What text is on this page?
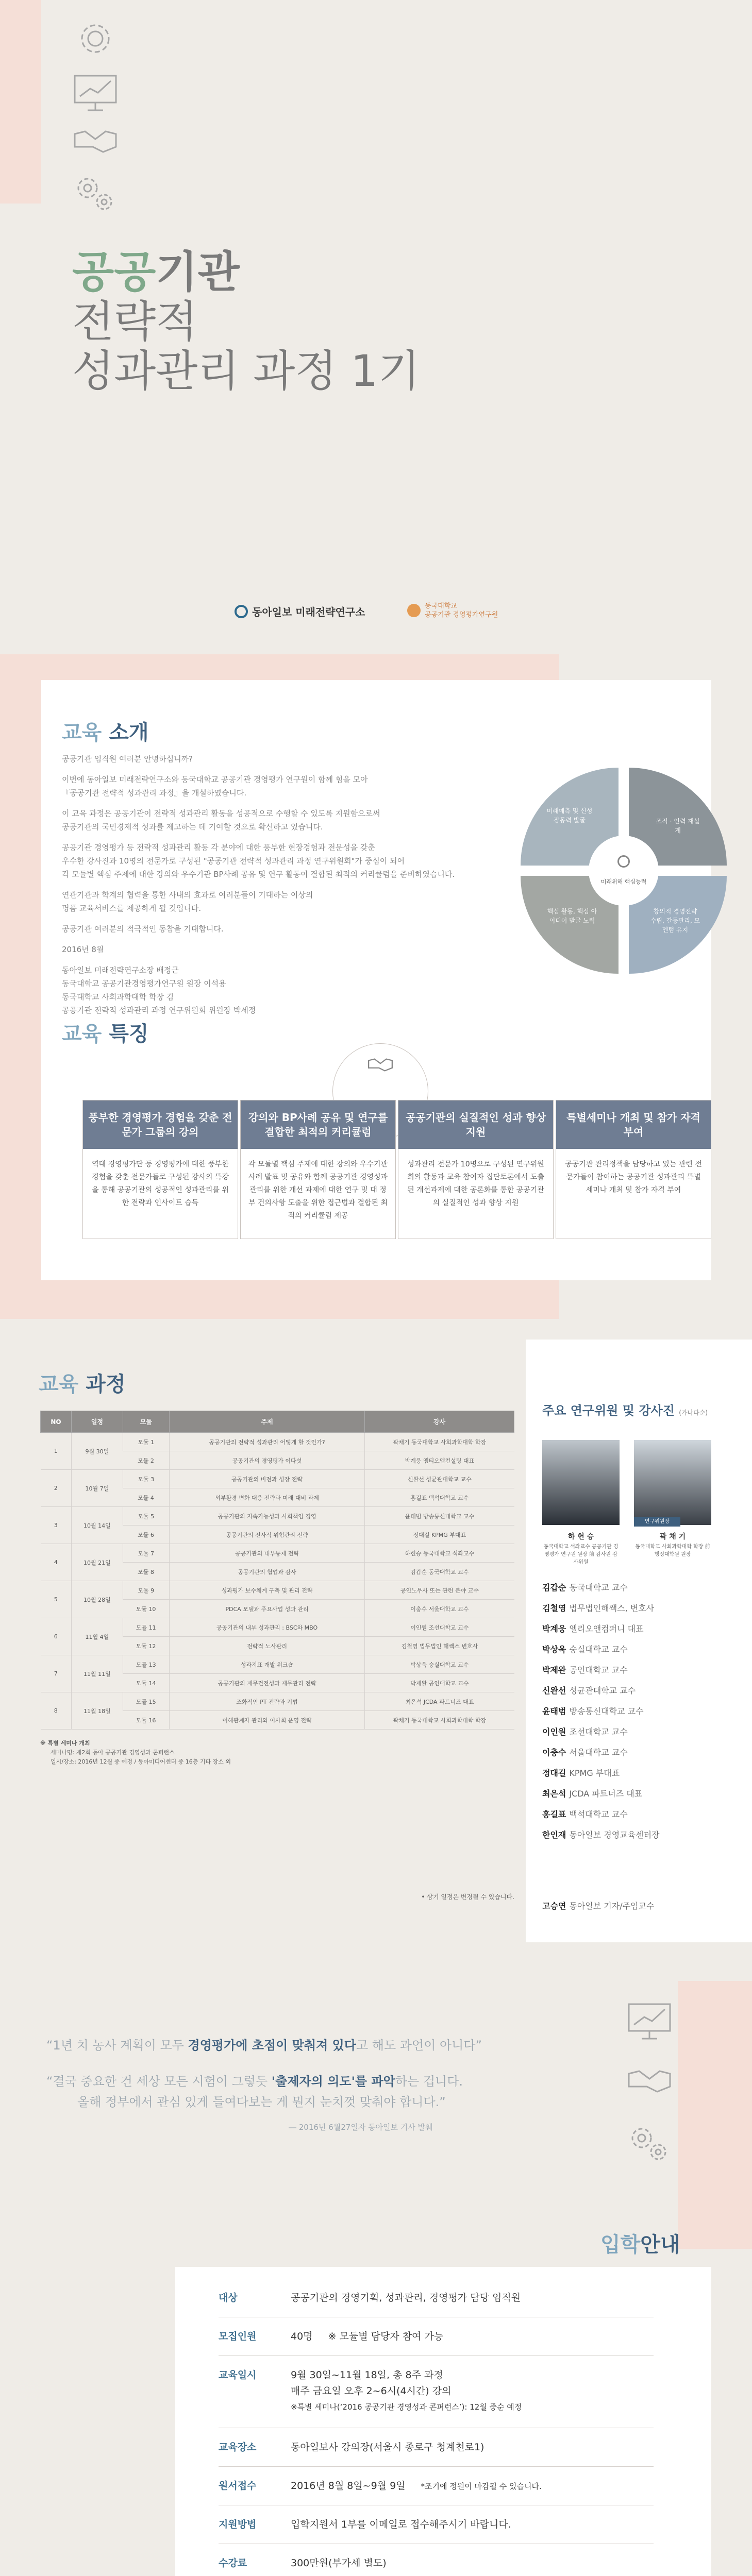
공공기관
전략적
성과관리 과정 1기
동아일보 미래전략연구소	동국대학교
공공기관 경영평가연구원
교육 소개
공공기관 임직원 여러분 안녕하십니까?
이번에 동아일보 미래전략연구소와 동국대학교 공공기관 경영평가 연구원이 함께 힘을 모아
『공공기관 전략적 성과관리 과정』을 개설하였습니다.
이 교육 과정은 공공기관이 전략적 성과관리 활동을 성공적으로 수행할 수 있도록 지원함으로써
공공기관의 국민경제적 성과를 제고하는 데 기여할 것으로 확신하고 있습니다.
공공기관 경영평가 등 전략적 성과관리 활동 각 분야에 대한 풍부한 현장경험과 전문성을 갖춘
우수한 강사진과 10명의 전문가로 구성된 "공공기관 전략적 성과관리 과정 연구위원회"가 중심이 되어
각 모듈별 핵심 주제에 대한 강의와 우수기관 BP사례 공유 및 연구 활동이 결합된 최적의 커리큘럼을 준비하였습니다.
연관기관과 학계의 협력을 통한 사내의 효과로 여러분들이 기대하는 이상의
명품 교육서비스를 제공하게 될 것입니다.
공공기관 여러분의 적극적인 동참을 기대합니다.
2016년 8월
동아일보 미래전략연구소장 배정근
동국대학교 공공기관경영평가연구원 원장 이석용
동국대학교 사회과학대학 학장 김
공공기관 전략적 성과관리 과정 연구위원회 위원장 박세정
미래예측 및 신성장동력 발굴	조직 · 인력 재설계
창의적 경영전략 수립, 갈등관리, 모멘텀 유지
핵심 활동, 핵심 아이디어 발굴 노력
미래위해 핵심능력
교육 특징
풍부한 경영평가 경험을 갖춘 전문가 그룹의 강의
역대 경영평가단 등 경영평가에 대한 풍부한 경험을 갖춘 전문가들로 구성된 강사의 특강을 통해 공공기관의 성공적인 성과관리를 위한 전략과 인사이트 습득
강의와 BP사례 공유 및 연구를 결합한 최적의 커리큘럼
각 모듈별 핵심 주제에 대한 강의와 우수기관 사례 발표 및 공유와 함께 공공기관 경영성과 관리를 위한 개선 과제에 대한 연구 및 대 정부 건의사항 도출을 위한 접근법과 결합된 최적의 커리큘럼 제공
공공기관의 실질적인 성과 향상 지원
성과관리 전문가 10명으로 구성된 연구위원회의 활동과 교육 참여자 집단토론에서 도출된 개선과제에 대한 공론화를 통한 공공기관의 실질적인 성과 향상 지원
특별세미나 개최 및 참가 자격 부여
공공기관 관리정책을 담당하고 있는 관련 전문가들이 참여하는 공공기관 성과관리 특별세미나 개최 및 참가 자격 부여
교육 과정
NO	일정	모듈	주제	강사
1	9월 30일	모듈 1	공공기관의 전략적 성과관리 어떻게 할 것인가?	곽채기 동국대학교 사회과학대학 학장
		모듈 2	공공기관의 경영평가 이다섯	박계웅 엠티오엠컨설팅 대표
2	10월 7일	모듈 3	공공기관의 비전과 성장 전략	신완선 성균관대학교 교수
		모듈 4	외부환경 변화 대응 전략과 미래 대비 과제	홍길표 백석대학교 교수
3	10월 14일	모듈 5	공공기관의 지속가능성과 사회책임 경영	윤태범 방송통신대학교 교수
		모듈 6	공공기관의 전사적 위험관리 전략	정대길 KPMG 부대표
4	10월 21일	모듈 7	공공기관의 내부통제 전략	하헌승 동국대학교 석좌교수
		모듈 8	공공기관의 협업과 감사	김갑순 동국대학교 교수
5	10월 28일	모듈 9	성과평가 보수체계 구축 및 관리 전략	공인노무사 또는 관련 분야 교수
		모듈 10	PDCA 모델과 주요사업 성과 관리	이충수 서울대학교 교수
6	11월 4일	모듈 11	공공기관의 내부 성과관리 : BSC와 MBO	이인원 조선대학교 교수
		모듈 12	전략적 노사관리	김철영 법무법인 해쌕스 변호사
7	11월 11일	모듈 13	성과지표 개발 워크숍	박상욱 숭실대학교 교수
		모듈 14	공공기관의 재무건전성과 재무관리 전략	박제완 공인대학교 교수
8	11월 18일	모듈 15	조화적인 PT 전략과 기법	최은석 JCDA 파트너즈 대표
		모듈 16	이해관계자 관리와 이사회 운영 전략	곽채기 동국대학교 사회과학대학 학장
※ 특별 세미나 개최
세미나명: 제2회 동아 공공기관 경영성과 콘퍼런스
일시/장소: 2016년 12월 중 예정 / 동아미디어센터 중 16층 기타 장소 외
• 상기 일정은 변경될 수 있습니다.
주요 연구위원 및 강사진 (가나다순)
하 헌 승
동국대학교 석좌교수 공공기관 경영평가 연구원 원장 前 감사원 감사위원
연구위원장
곽 채 기
동국대학교 사회과학대학 학장 前 행정대학원 원장
김갑순 동국대학교 교수
김철영 법무법인해쌕스, 변호사
박계웅 엘리오앤컴퍼니 대표
박상욱 숭실대학교 교수
박제완 공인대학교 교수
신완선 성균관대학교 교수
윤태범 방송통신대학교 교수
이인원 조선대학교 교수
이충수 서울대학교 교수
정대길 KPMG 부대표
최은석 JCDA 파트너즈 대표
홍길표 백석대학교 교수
한인재 동아일보 경영교육센터장
고승연 동아일보 기자/주임교수
“1년 치 농사 계획이 모두 경영평가에 초점이 맞춰져 있다고 해도 과언이 아니다”
“결국 중요한 건 세상 모든 시험이 그렇듯 '출제자의 의도'를 파악하는 겁니다.
올해 정부에서 관심 있게 들여다보는 게 뭔지 눈치껏 맞춰야 합니다.”
― 2016년 6월27일자 동아일보 기사 발췌
입학안내
대상	공공기관의 경영기획, 성과관리, 경영평가 담당 임직원
모집인원	40명 ※ 모듈별 담당자 참여 가능
교육일시	9월 30일~11월 18일, 총 8주 과정
매주 금요일 오후 2~6시(4시간) 강의
※특별 세미나(‘2016 공공기관 경영성과 콘퍼런스’): 12월 중순 예정
교육장소	동아일보사 강의장(서울시 종로구 청계천로1)
원서접수	2016년 8월 8일~9월 9일 *조기에 정원이 마감될 수 있습니다.
지원방법	입학지원서 1부를 이메일로 접수해주시기 바랍니다.
수강료	300만원(부가세 별도)
